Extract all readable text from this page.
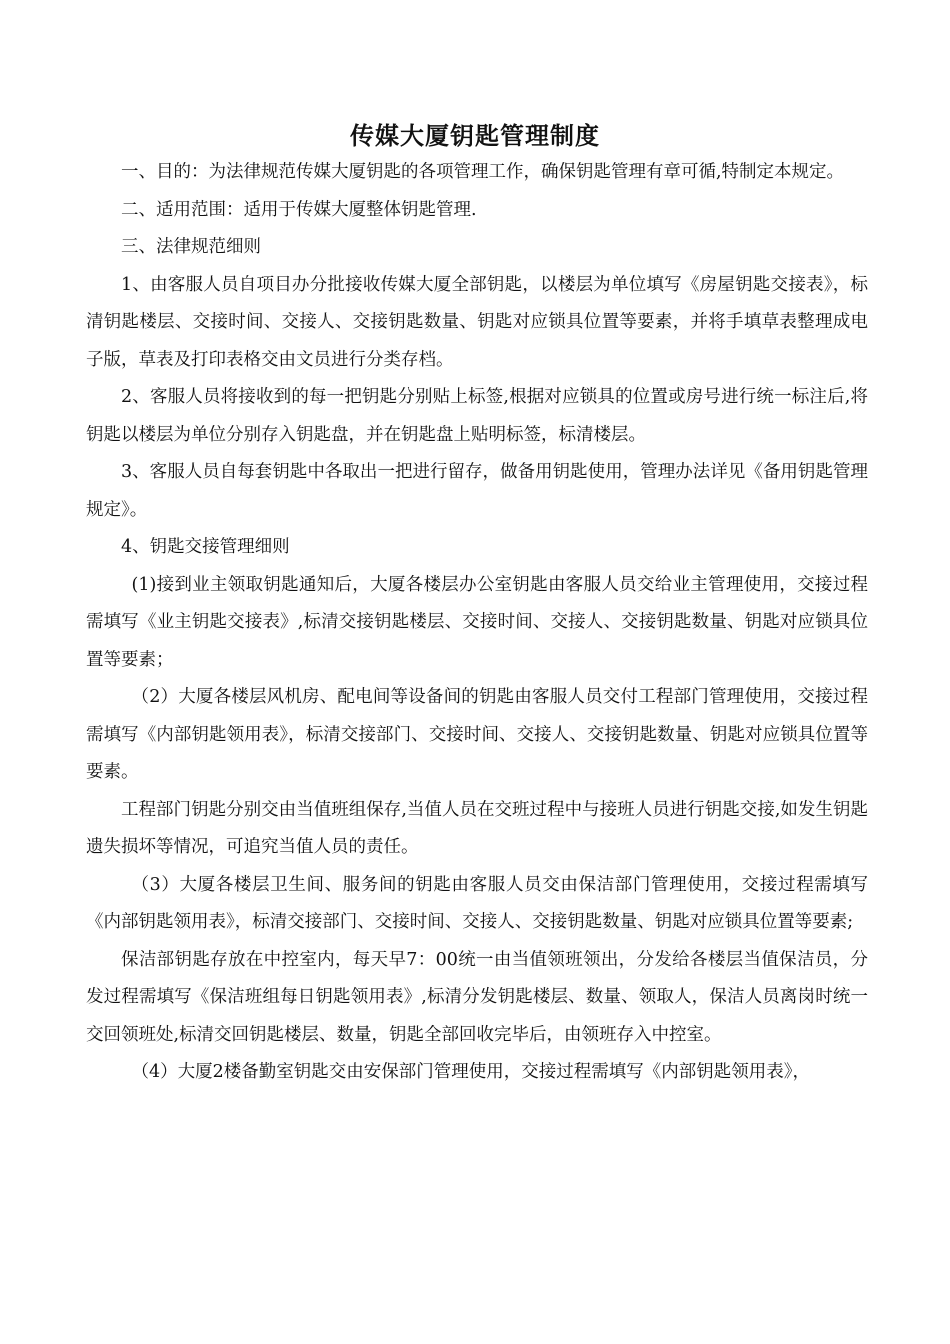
传媒大厦钥匙管理制度

一、目的：为法律规范传媒大厦钥匙的各项管理工作，确保钥匙管理有章可循,特制定本规定。

二、适用范围：适用于传媒大厦整体钥匙管理.

三、法律规范细则

1、由客服人员自项目办分批接收传媒大厦全部钥匙，以楼层为单位填写《房屋钥匙交接表》，标清钥匙楼层、交接时间、交接人、交接钥匙数量、钥匙对应锁具位置等要素，并将手填草表整理成电子版，草表及打印表格交由文员进行分类存档。

2、客服人员将接收到的每一把钥匙分别贴上标签,根据对应锁具的位置或房号进行统一标注后,将钥匙以楼层为单位分别存入钥匙盘，并在钥匙盘上贴明标签，标清楼层。

3、客服人员自每套钥匙中各取出一把进行留存，做备用钥匙使用，管理办法详见《备用钥匙管理规定》。

4、钥匙交接管理细则

(1)接到业主领取钥匙通知后，大厦各楼层办公室钥匙由客服人员交给业主管理使用，交接过程需填写《业主钥匙交接表》,标清交接钥匙楼层、交接时间、交接人、交接钥匙数量、钥匙对应锁具位置等要素；

（2）大厦各楼层风机房、配电间等设备间的钥匙由客服人员交付工程部门管理使用，交接过程需填写《内部钥匙领用表》，标清交接部门、交接时间、交接人、交接钥匙数量、钥匙对应锁具位置等要素。

工程部门钥匙分别交由当值班组保存,当值人员在交班过程中与接班人员进行钥匙交接,如发生钥匙遗失损坏等情况，可追究当值人员的责任。

（3）大厦各楼层卫生间、服务间的钥匙由客服人员交由保洁部门管理使用，交接过程需填写《内部钥匙领用表》，标清交接部门、交接时间、交接人、交接钥匙数量、钥匙对应锁具位置等要素;

保洁部钥匙存放在中控室内，每天早7：00统一由当值领班领出，分发给各楼层当值保洁员，分发过程需填写《保洁班组每日钥匙领用表》,标清分发钥匙楼层、数量、领取人，保洁人员离岗时统一交回领班处,标清交回钥匙楼层、数量，钥匙全部回收完毕后，由领班存入中控室。

（4）大厦2楼备勤室钥匙交由安保部门管理使用，交接过程需填写《内部钥匙领用表》，
